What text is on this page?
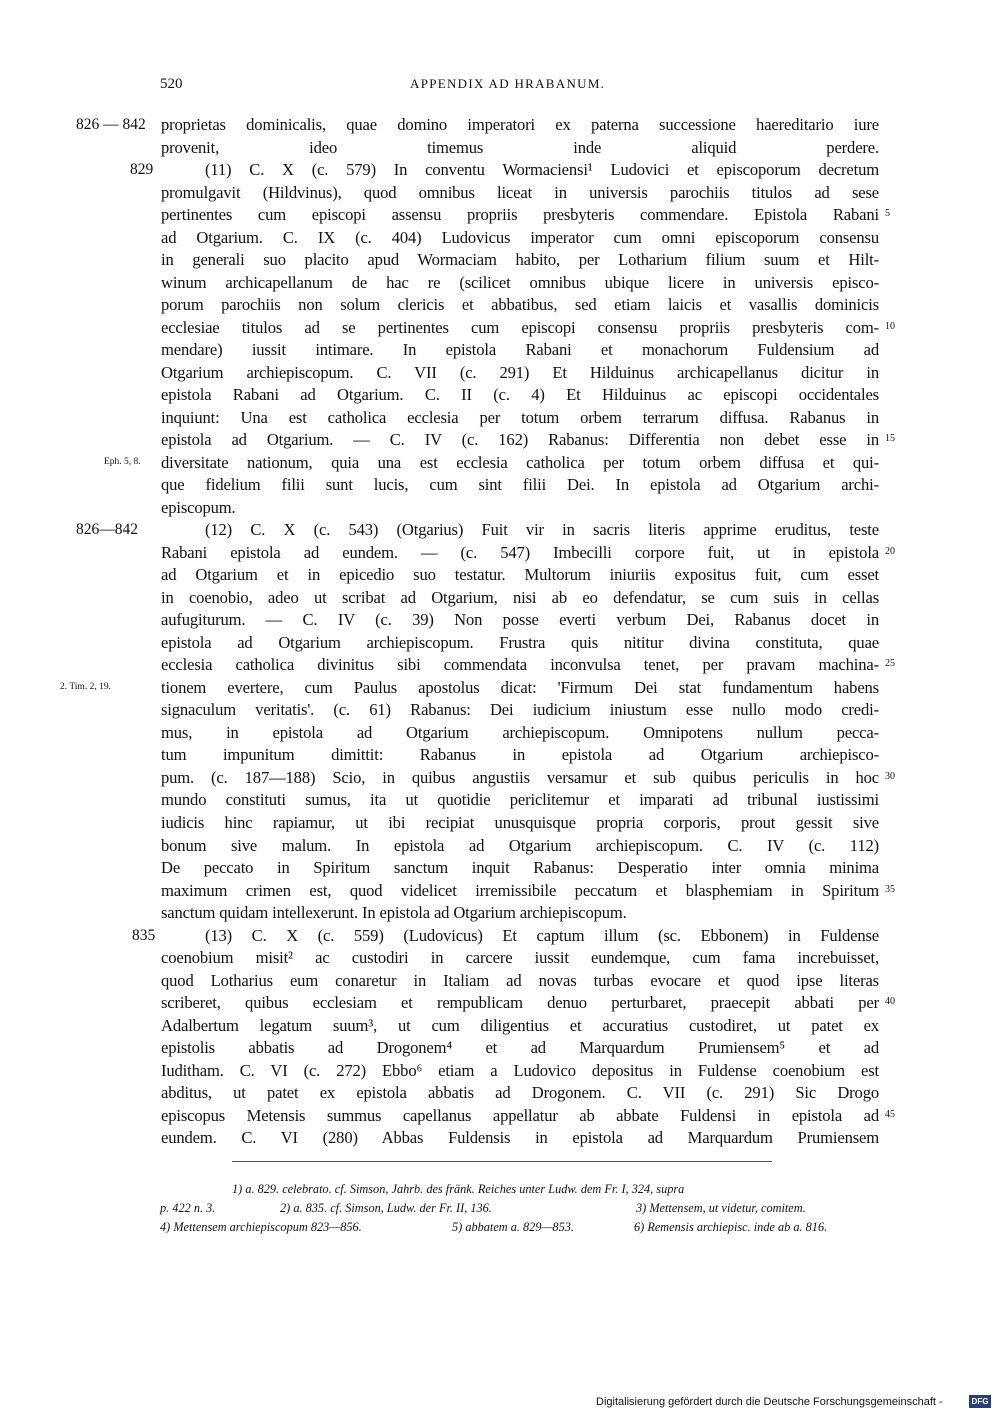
520	APPENDIX AD HRABANUM.
826 — 842 proprietas dominicalis, quae domino imperatori ex paterna successione haereditario iure
provenit, ideo timemus inde aliquid perdere.
829	(11) C. X (c. 579) In conventu Wormaciensi¹ Ludovici et episcoporum decretum
promulgavit (Hildvinus), quod omnibus liceat in universis parochiis titulos ad sese
pertinentes cum episcopi assensu propriis presbyteris commendare. Epistola Rabani 5
ad Otgarium. C. IX (c. 404) Ludovicus imperator cum omni episcoporum consensu
in generali suo placito apud Wormaciam habito, per Lotharium filium suum et Hilt-
winum archicapellanum de hac re (scilicet omnibus ubique licere in universis episco-
porum parochiis non solum clericis et abbatibus, sed etiam laicis et vasallis dominicis
ecclesiae titulos ad se pertinentes cum episcopi consensu propriis presbyteris com- 10
mendare) iussit intimare. In epistola Rabani et monachorum Fuldensium ad
Otgarium archiepiscopum. C. VII (c. 291) Et Hilduinus archicapellanus dicitur in
epistola Rabani ad Otgarium. C. II (c. 4) Et Hilduinus ac episcopi occidentales
inquiunt: Una est catholica ecclesia per totum orbem terrarum diffusa. Rabanus in
epistola ad Otgarium. — C. IV (c. 162) Rabanus: Differentia non debet esse in 15
Eph. 5, 8. diversitate nationum, quia una est ecclesia catholica per totum orbem diffusa et qui-
que fidelium filii sunt lucis, cum sint filii Dei. In epistola ad Otgarium archi-
episcopum.
826—842	(12) C. X (c. 543) (Otgarius) Fuit vir in sacris literis apprime eruditus, teste
Rabani epistola ad eundem. — (c. 547) Imbecilli corpore fuit, ut in epistola 20
ad Otgarium et in epicedio suo testatur. Multorum iniuriis expositus fuit, cum esset
in coenobio, adeo ut scribat ad Otgarium, nisi ab eo defendatur, se cum suis in cellas
aufugiturum. — C. IV (c. 39) Non posse everti verbum Dei, Rabanus docet in
epistola ad Otgarium archiepiscopum. Frustra quis nititur divina constituta, quae
ecclesia catholica divinitus sibi commendata inconvulsa tenet, per pravam machina- 25
2. Tim. 2, 19.	tionem evertere, cum Paulus apostolus dicat: 'Firmum Dei stat fundamentum habens
signaculum veritatis'. (c. 61) Rabanus: Dei iudicium iniustum esse nullo modo credi-
mus, in epistola ad Otgarium archiepiscopum. Omnipotens nullum pecca-
tum impunitum dimittit: Rabanus in epistola ad Otgarium archiepisco-
pum. (c. 187—188) Scio, in quibus angustiis versamur et sub quibus periculis in hoc 30
mundo constituti sumus, ita ut quotidie periclitemur et imparati ad tribunal iustissimi
iudicis hinc rapiamur, ut ibi recipiat unusquisque propria corporis, prout gessit sive
bonum sive malum. In epistola ad Otgarium archiepiscopum. C. IV (c. 112)
De peccato in Spiritum sanctum inquit Rabanus: Desperatio inter omnia minima
maximum crimen est, quod videlicet irremissibile peccatum et blasphemiam in Spiritum 35
sanctum quidam intellexerunt. In epistola ad Otgarium archiepiscopum.
835	(13) C. X (c. 559) (Ludovicus) Et captum illum (sc. Ebbonem) in Fuldense
coenobium misit² ac custodiri in carcere iussit eundemque, cum fama increbuisset,
quod Lotharius eum conaretur in Italiam ad novas turbas evocare et quod ipse literas
scriberet, quibus ecclesiam et rempublicam denuo perturbaret, praecepit abbati per 40
Adalbertum legatum suum³, ut cum diligentius et accuratius custodiret, ut patet ex
epistolis abbatis ad Drogonem⁴ et ad Marquardum Prumiensem⁵ et ad
Iuditham. C. VI (c. 272) Ebbo⁶ etiam a Ludovico depositus in Fuldense coenobium est
abditus, ut patet ex epistola abbatis ad Drogonem. C. VII (c. 291) Sic Drogo
episcopus Metensis summus capellanus appellatur ab abbate Fuldensi in epistola ad 45
eundem. C. VI (280) Abbas Fuldensis in epistola ad Marquardum Prumiensem
1) a. 829. celebrato. cf. Simson, Jahrb. des fränk. Reiches unter Ludw. dem Fr. I, 324, supra
p. 422 n. 3.	2) a. 835. cf. Simson, Ludw. der Fr. II, 136.	3) Mettensem, ut videtur, comitem.
4) Mettensem archiepiscopum 823—856.	5) abbatem a. 829—853.	6) Remensis archiepisc. inde ab a. 816.
Digitalisierung gefördert durch die Deutsche Forschungsgemeinschaft -	DFG
